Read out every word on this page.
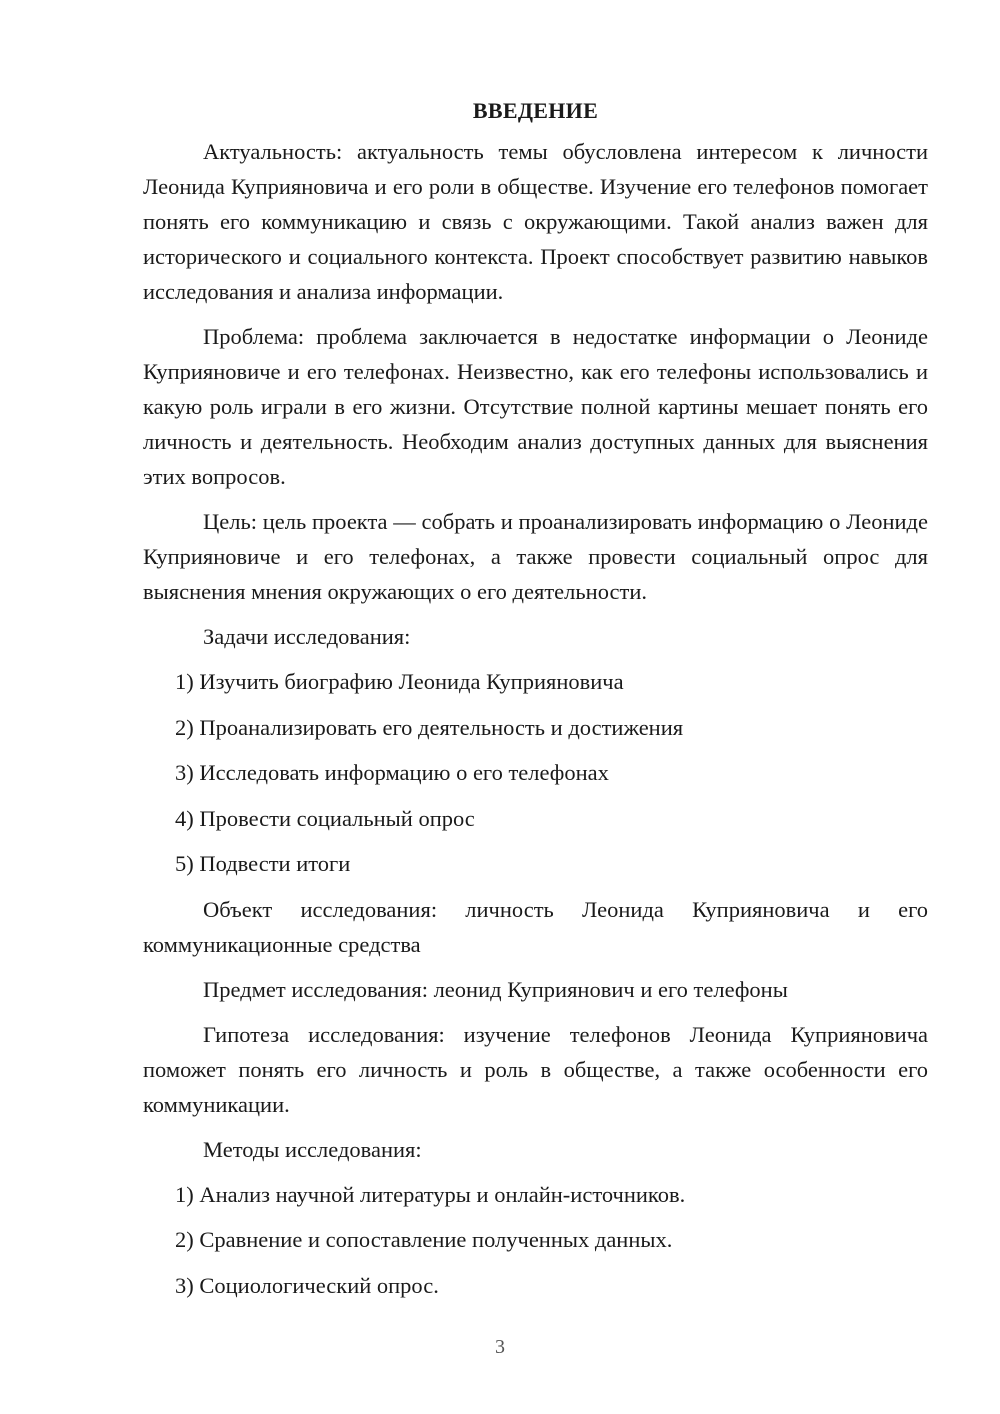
ВВЕДЕНИЕ

Актуальность: актуальность темы обусловлена интересом к личности Леонида Куприяновича и его роли в обществе. Изучение его телефонов помогает понять его коммуникацию и связь с окружающими. Такой анализ важен для исторического и социального контекста. Проект способствует развитию навыков исследования и анализа информации.

Проблема: проблема заключается в недостатке информации о Леониде Куприяновиче и его телефонах. Неизвестно, как его телефоны использовались и какую роль играли в его жизни. Отсутствие полной картины мешает понять его личность и деятельность. Необходим анализ доступных данных для выяснения этих вопросов.

Цель: цель проекта — собрать и проанализировать информацию о Леониде Куприяновиче и его телефонах, а также провести социальный опрос для выяснения мнения окружающих о его деятельности.

Задачи исследования:

1) Изучить биографию Леонида Куприяновича
2) Проанализировать его деятельность и достижения
3) Исследовать информацию о его телефонах
4) Провести социальный опрос
5) Подвести итоги

Объект исследования: личность Леонида Куприяновича и его коммуникационные средства

Предмет исследования: леонид Куприянович и его телефоны

Гипотеза исследования: изучение телефонов Леонида Куприяновича поможет понять его личность и роль в обществе, а также особенности его коммуникации.

Методы исследования:

1) Анализ научной литературы и онлайн-источников.
2) Сравнение и сопоставление полученных данных.
3) Социологический опрос.
3
